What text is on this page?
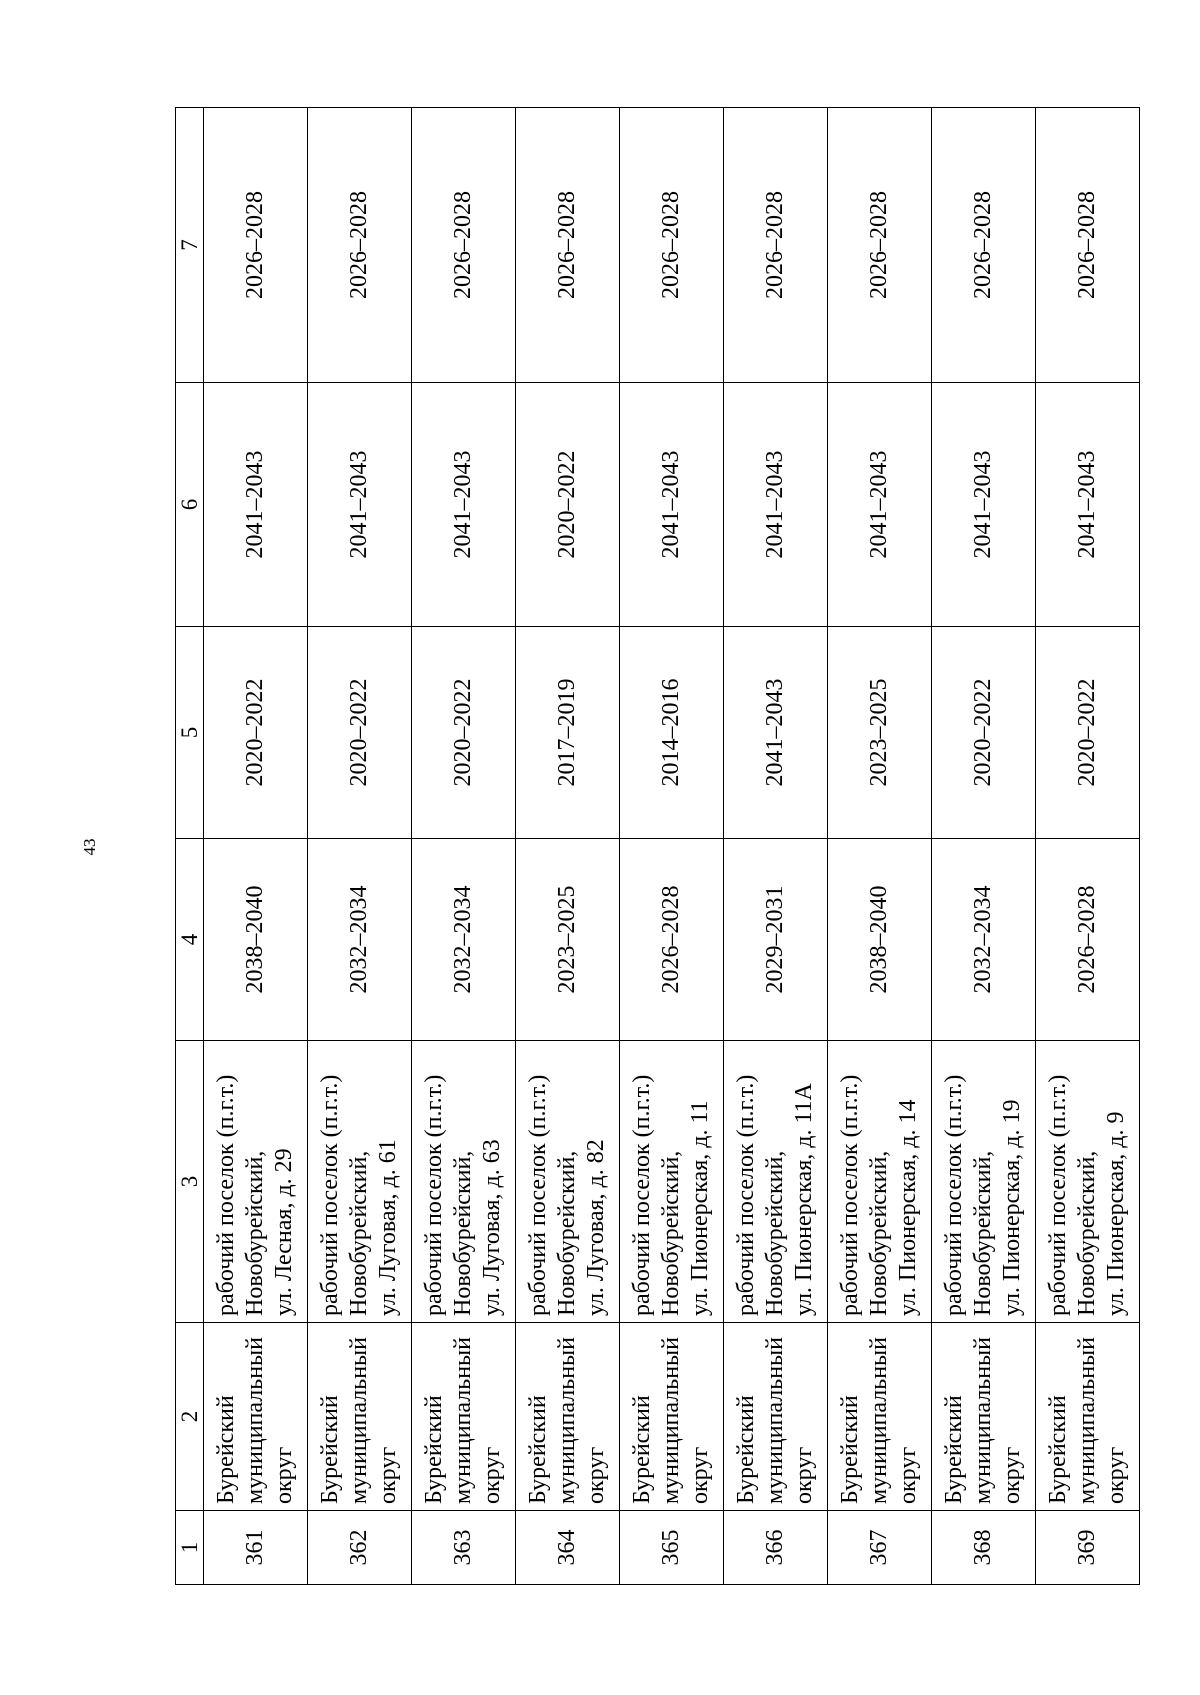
43
1	2	3	4	5	6	7
361	Бурейский муниципальный округ	рабочий поселок (п.г.т.) Новобурейский, ул. Лесная, д. 29	2038–2040	2020–2022	2041–2043	2026–2028
362	Бурейский муниципальный округ	рабочий поселок (п.г.т.) Новобурейский, ул. Луговая, д. 61	2032–2034	2020–2022	2041–2043	2026–2028
363	Бурейский муниципальный округ	рабочий поселок (п.г.т.) Новобурейский, ул. Луговая, д. 63	2032–2034	2020–2022	2041–2043	2026–2028
364	Бурейский муниципальный округ	рабочий поселок (п.г.т.) Новобурейский, ул. Луговая, д. 82	2023–2025	2017–2019	2020–2022	2026–2028
365	Бурейский муниципальный округ	рабочий поселок (п.г.т.) Новобурейский, ул. Пионерская, д. 11	2026–2028	2014–2016	2041–2043	2026–2028
366	Бурейский муниципальный округ	рабочий поселок (п.г.т.) Новобурейский, ул. Пионерская, д. 11А	2029–2031	2041–2043	2041–2043	2026–2028
367	Бурейский муниципальный округ	рабочий поселок (п.г.т.) Новобурейский, ул. Пионерская, д. 14	2038–2040	2023–2025	2041–2043	2026–2028
368	Бурейский муниципальный округ	рабочий поселок (п.г.т.) Новобурейский, ул. Пионерская, д. 19	2032–2034	2020–2022	2041–2043	2026–2028
369	Бурейский муниципальный округ	рабочий поселок (п.г.т.) Новобурейский, ул. Пионерская, д. 9	2026–2028	2020–2022	2041–2043	2026–2028
